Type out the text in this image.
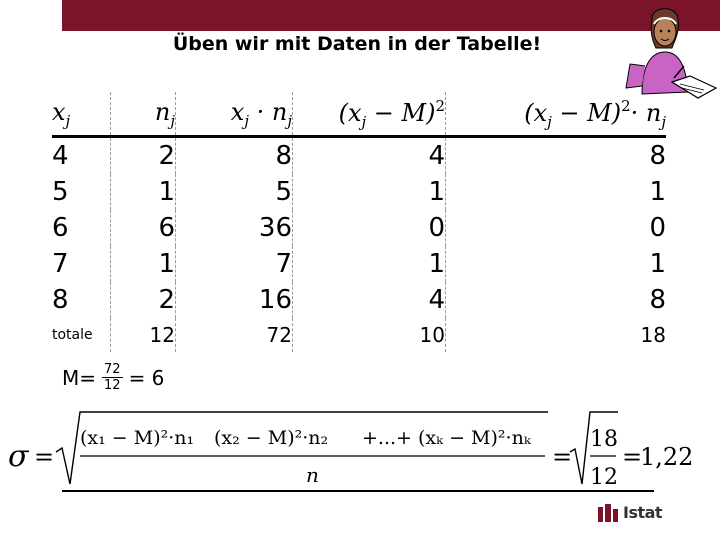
Üben wir mit Daten in der Tabelle!
$x_j$	$n_j$	$x_j \cdot n_j$	$(x_j - M)^2$	$(x_j - M)^2\cdot n_j$
4	2	8	4	8
5	1	5	1	1
6	6	36	0	0
7	1	7	1	1
8	2	16	4	8
totale	12	72	10	18
$M= \frac{72}{12} = 6$
σ =
(x₁ − M)²·n₁ (x₂ − M)²·n₂ +...+ (xₖ − M)²·nₖ
n
=
18
12
=
1,22
Istat
